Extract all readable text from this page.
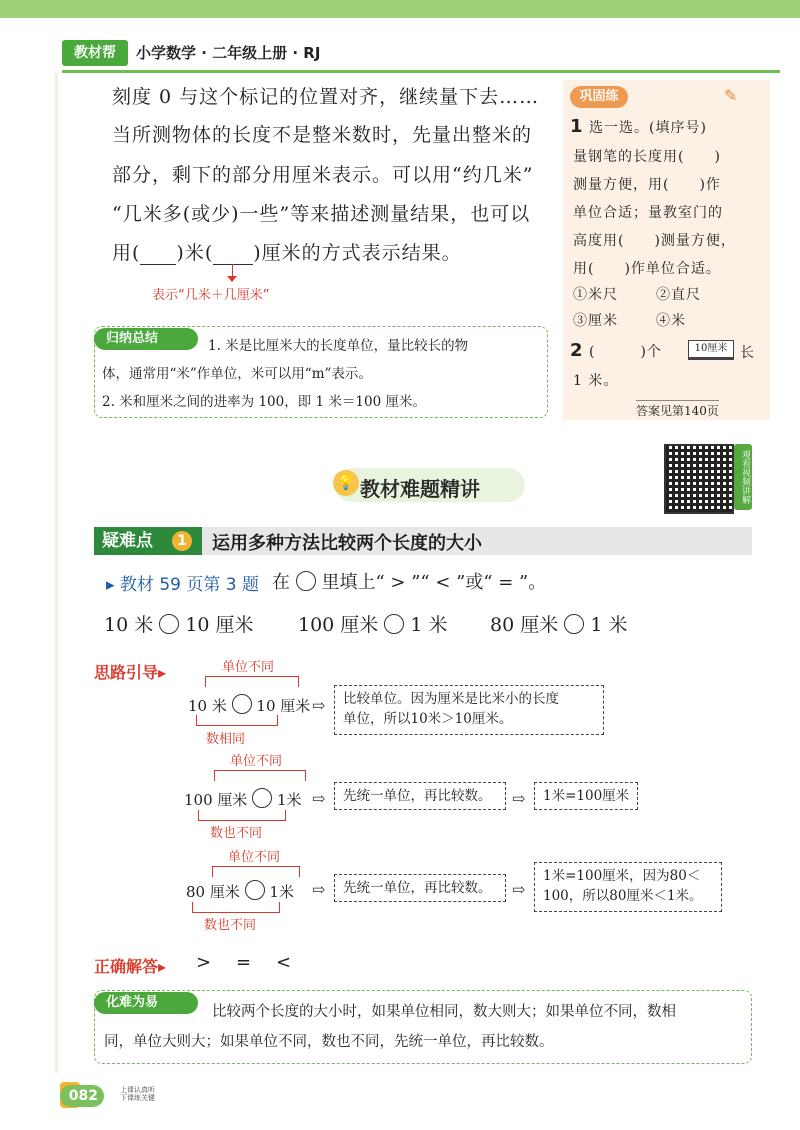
教材帮	小学数学 · 二年级上册 · RJ
刻度 0 与这个标记的位置对齐，继续量下去……
当所测物体的长度不是整米数时，先量出整米的
部分，剩下的部分用厘米表示。可以用“约几米”
“几米多(或少)一些”等来描述测量结果，也可以
用( )米( )厘米的方式表示结果。
表示“几米＋几厘米”
归纳总结	1. 米是比厘米大的长度单位，量比较长的物
体，通常用“米”作单位，米可以用“m”表示。
2. 米和厘米之间的进率为 100，即 1 米＝100 厘米。
巩固练	✎
1 选一选。(填序号)
量钢笔的长度用(　　)
测量方便，用(　　)作
单位合适；量教室门的
高度用(　　)测量方便，
用(　　)作单位合适。
①米尺	②直尺
③厘米	④米
2 (　　　)个	10厘米 长
1 米。
答案见第140页
观看视频讲解
💡 教材难题精讲
疑难点	1 运用多种方法比较两个长度的大小
▸ 教材 59 页第 3 题 在 里填上“ > ”“ < ”或“ = ”。
10 米 10 厘米 100 厘米 1 米 80 厘米 1 米
思路引导▸	单位不同
10 米 10 厘米
数相同
⇨ 比较单位。因为厘米是比米小的长度
单位，所以10米＞10厘米。
单位不同
100 厘米 1米
数也不同
⇨	先统一单位，再比较数。	⇨	1米=100厘米
单位不同
80 厘米 1米
数也不同
⇨	先统一单位，再比较数。	⇨
1米=100厘米，因为80＜
100，所以80厘米＜1米。
正确解答▸ > = <
化难为易
比较两个长度的大小时，如果单位相同，数大则大；如果单位不同，数相
同，单位大则大；如果单位不同，数也不同，先统一单位，再比较数。
082	上课认真听
下课练关键
